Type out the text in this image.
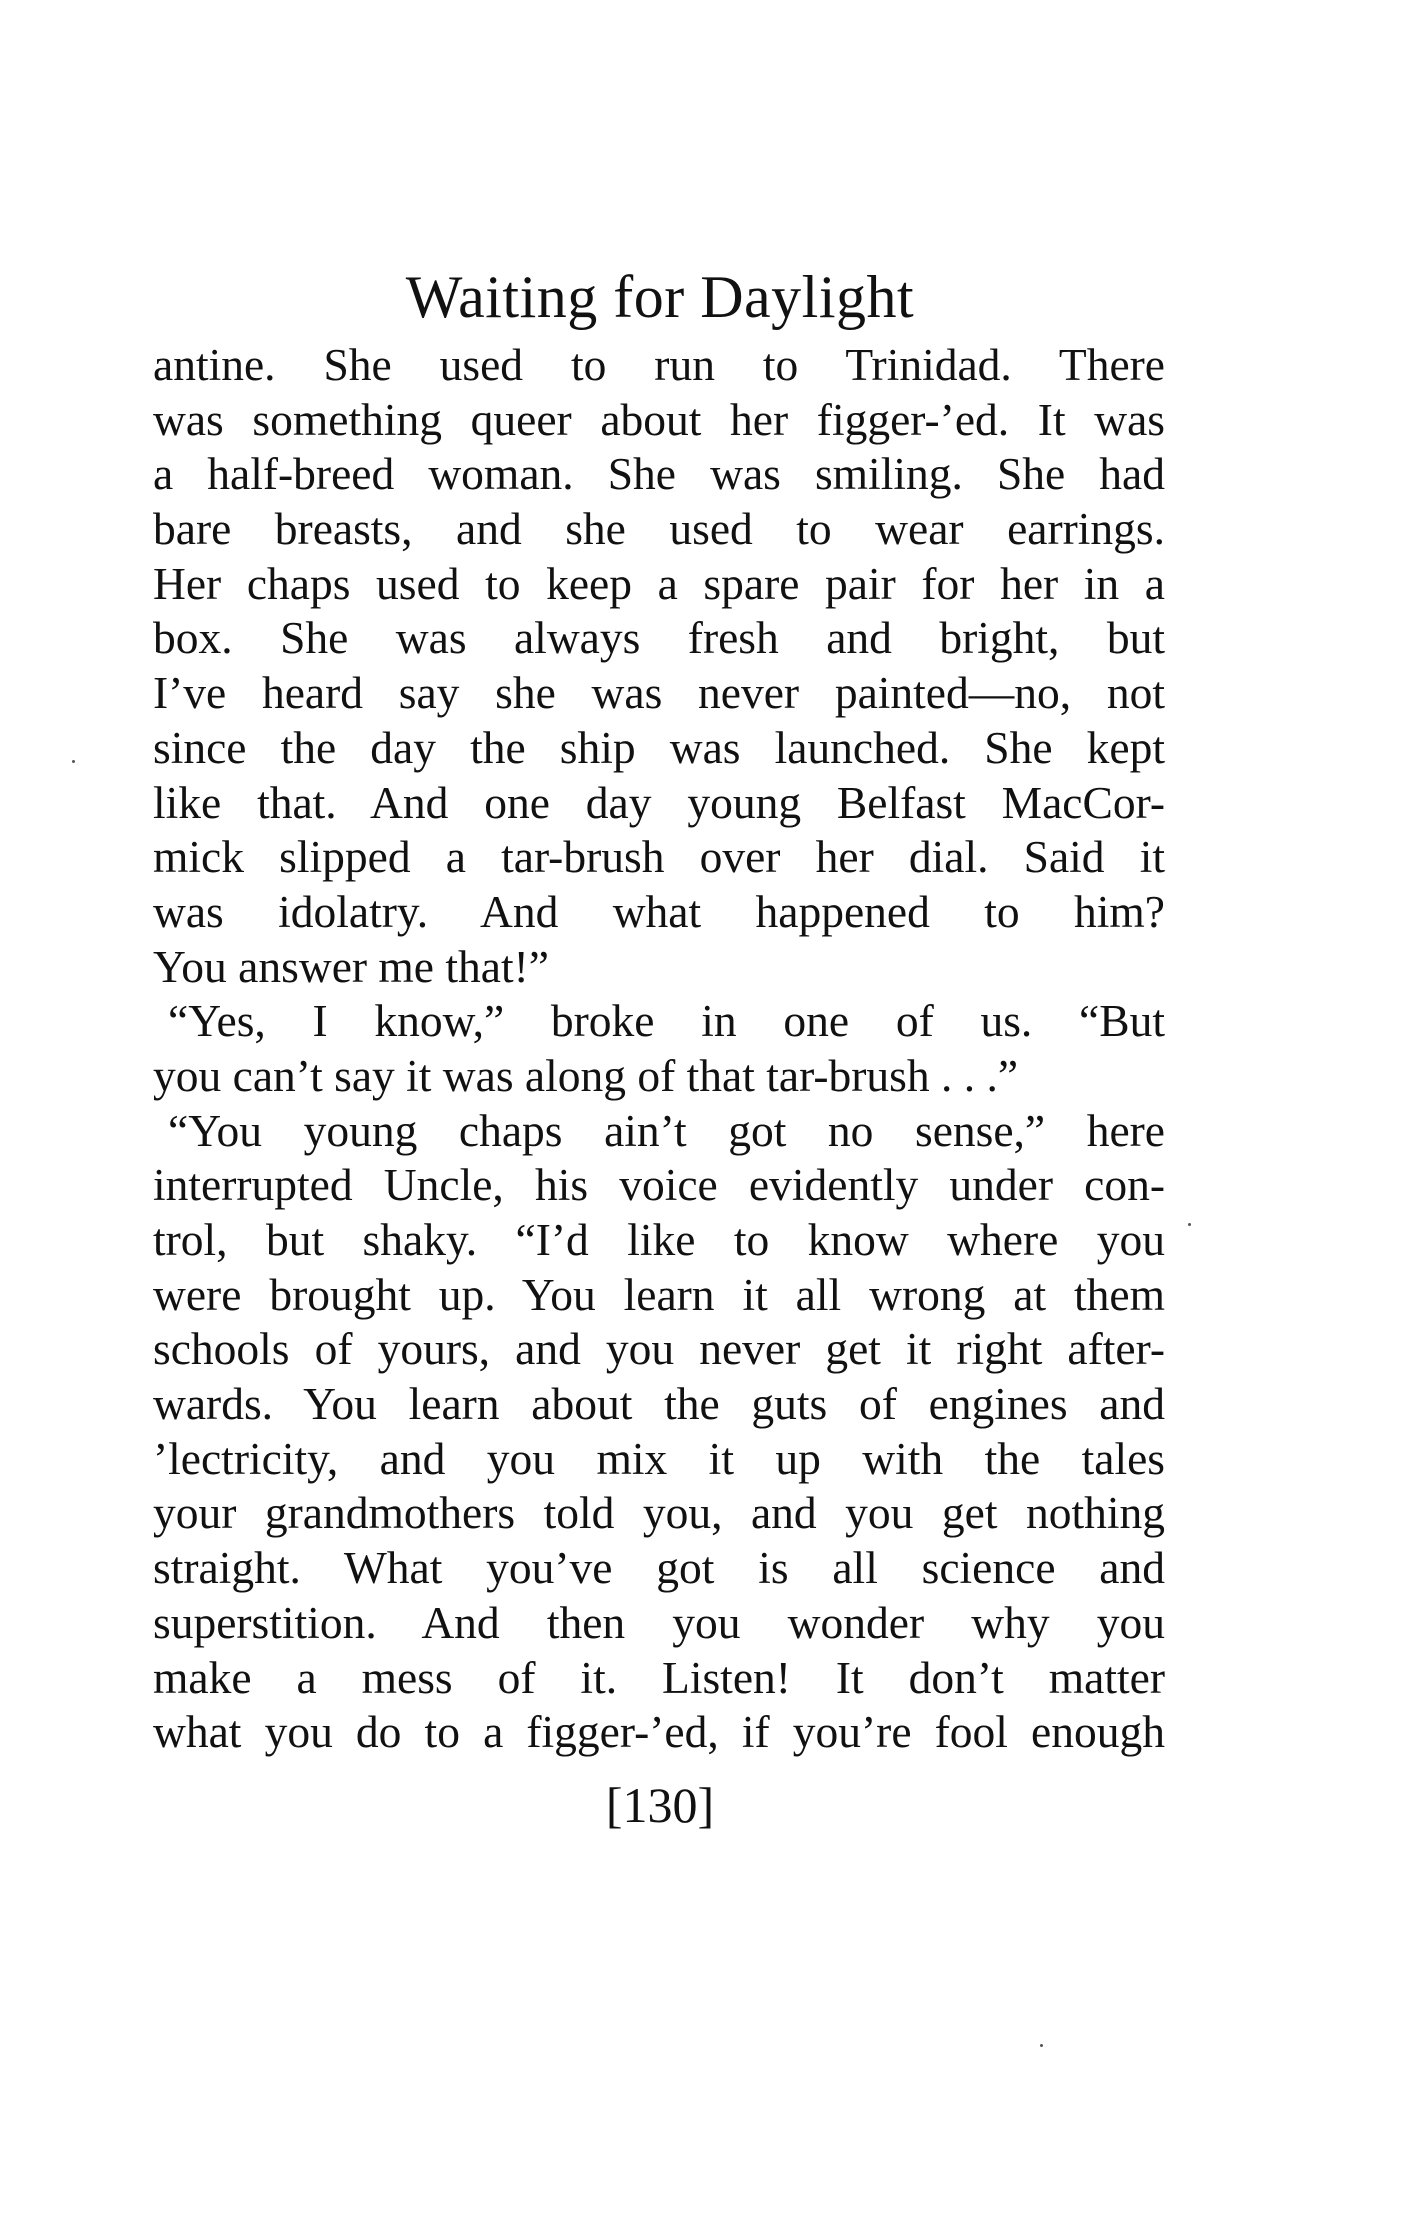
Waiting for Daylight
antine. She used to run to Trinidad. There
was something queer about her figger-’ed. It was
a half-breed woman. She was smiling. She had
bare breasts, and she used to wear earrings.
Her chaps used to keep a spare pair for her in a
box. She was always fresh and bright, but
I’ve heard say she was never painted—no, not
since the day the ship was launched. She kept
like that. And one day young Belfast MacCor-
mick slipped a tar-brush over her dial. Said it
was idolatry. And what happened to him?
You answer me that!”
“Yes, I know,” broke in one of us. “But
you can’t say it was along of that tar-brush . . .”
“You young chaps ain’t got no sense,” here
interrupted Uncle, his voice evidently under con-
trol, but shaky. “I’d like to know where you
were brought up. You learn it all wrong at them
schools of yours, and you never get it right after-
wards. You learn about the guts of engines and
’lectricity, and you mix it up with the tales
your grandmothers told you, and you get nothing
straight. What you’ve got is all science and
superstition. And then you wonder why you
make a mess of it. Listen! It don’t matter
what you do to a figger-’ed, if you’re fool enough
[130]
